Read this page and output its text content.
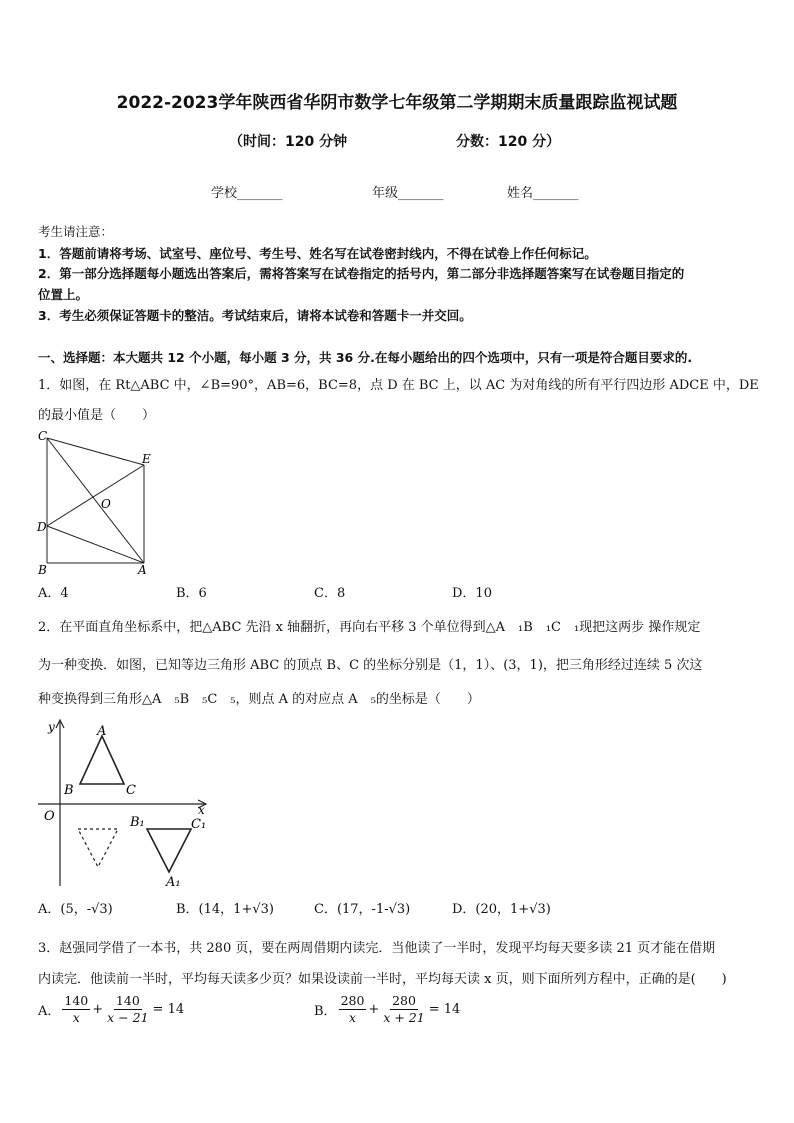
2022-2023学年陕西省华阴市数学七年级第二学期期末质量跟踪监视试题
（时间：120 分钟	分数：120 分）
学校_______	年级_______	姓名_______
考生请注意：
1．答题前请将考场、试室号、座位号、考生号、姓名写在试卷密封线内，不得在试卷上作任何标记。
2．第一部分选择题每小题选出答案后，需将答案写在试卷指定的括号内，第二部分非选择题答案写在试卷题目指定的
位置上。
3．考生必须保证答题卡的整洁。考试结束后，请将本试卷和答题卡一并交回。
一、选择题：本大题共 12 个小题，每小题 3 分，共 36 分.在每小题给出的四个选项中，只有一项是符合题目要求的.
1．如图，在 Rt△ABC 中，∠B=90°，AB=6，BC=8，点 D 在 BC 上，以 AC 为对角线的所有平行四边形 ADCE 中，DE
的最小值是（　　）
C
E
O
D
B	A
A．4	B．6	C．8	D．10
2．在平面直角坐标系中，把△ABC 先沿 x 轴翻折，再向右平移 3 个单位得到△A　₁B　₁C　₁现把这两步 操作规定
为一种变换．如图，已知等边三角形 ABC 的顶点 B、C 的坐标分别是（1，1）、(3，1)，把三角形经过连续 5 次这
种变换得到三角形△A　₅B　₅C　₅，则点 A 的对应点 A　₅的坐标是（　　）
y
x
O
A
B	C
B₁	C₁
A₁
A．(5，-√3)	B．(14，1+√3)	C．(17，-1-√3)	D．(20，1+√3)
3．赵强同学借了一本书，共 280 页，要在两周借期内读完．当他读了一半时，发现平均每天要多读 21 页才能在借期
内读完．他读前一半时，平均每天读多少页？如果设读前一半时，平均每天读 x 页，则下面所列方程中，正确的是(　　)
A． $\frac{140}{x} + \frac{140}{x - 21} = 14$	B． $\frac{280}{x} + \frac{280}{x + 21} = 14$
